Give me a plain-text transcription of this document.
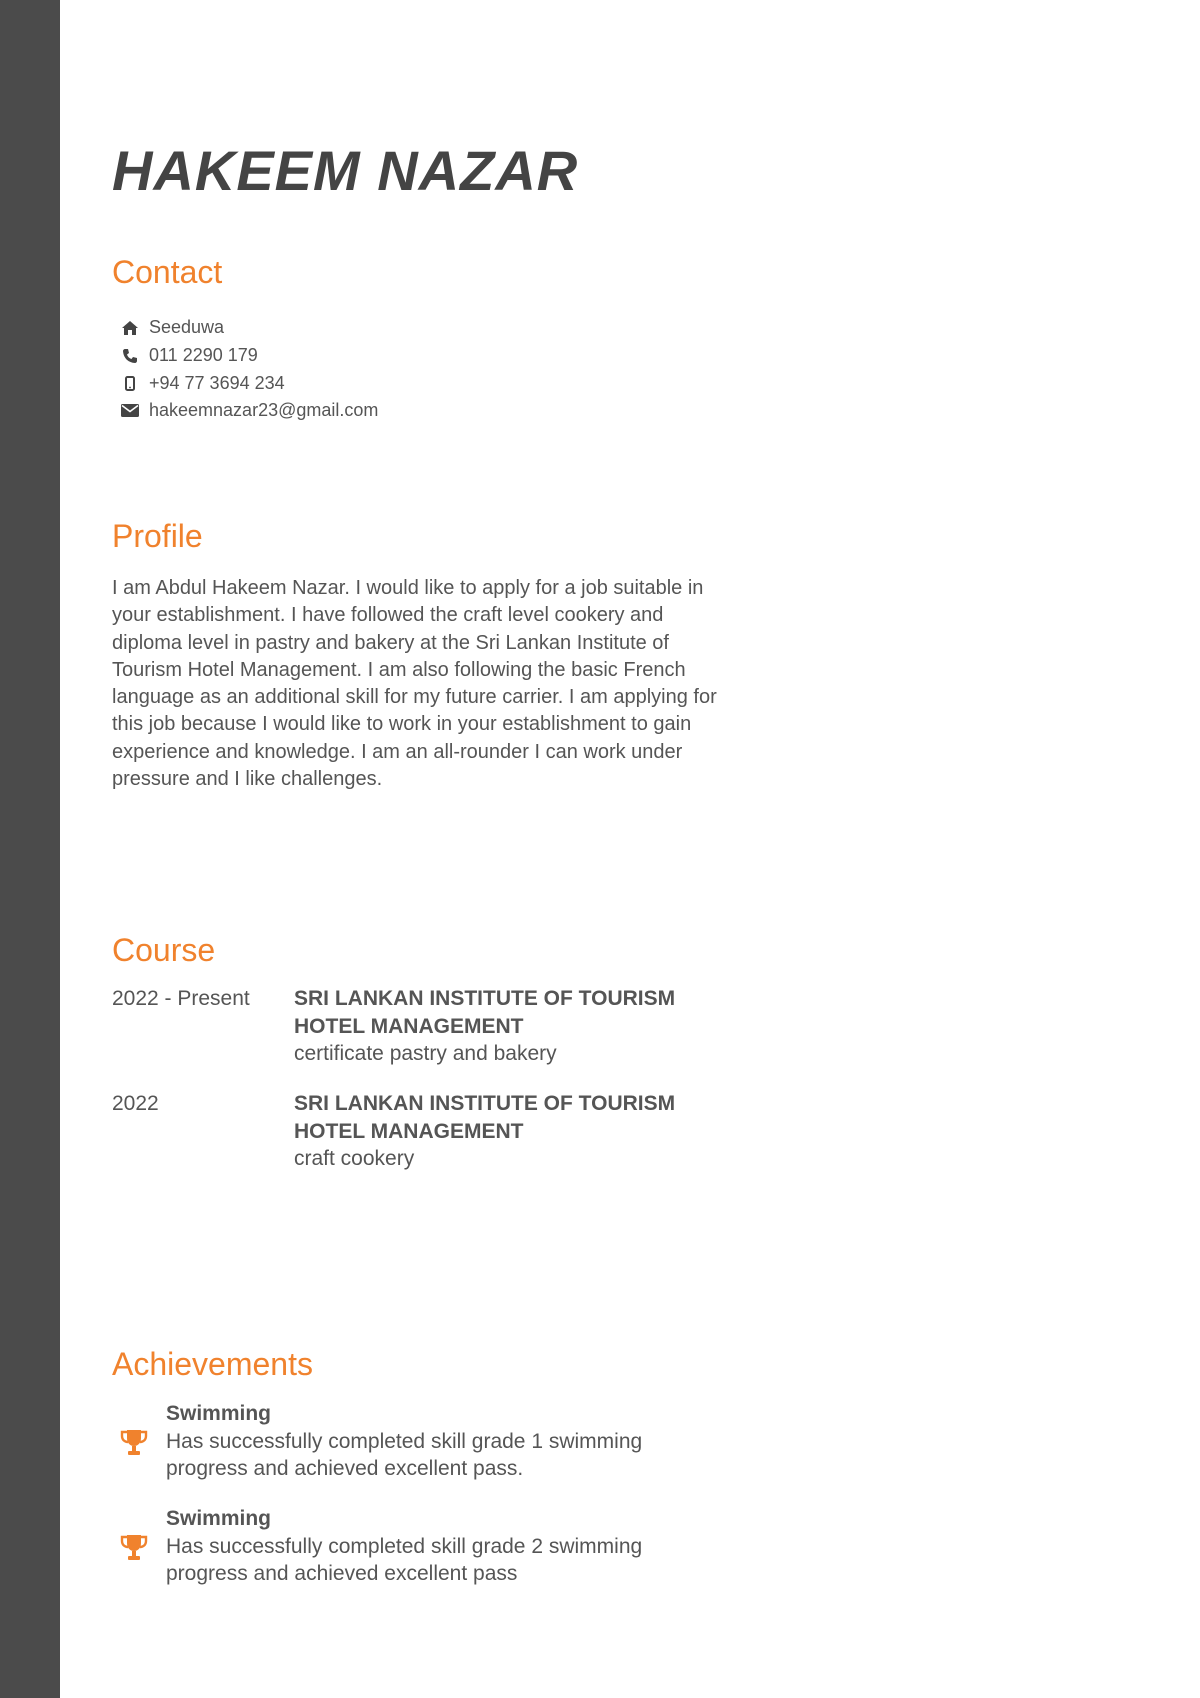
HAKEEM NAZAR
Contact
Seeduwa
011 2290 179
+94 77 3694 234
hakeemnazar23@gmail.com
Profile

I am Abdul Hakeem Nazar. I would like to apply for a job suitable in your establishment. I have followed the craft level cookery and diploma level in pastry and bakery at the Sri Lankan Institute of Tourism Hotel Management. I am also following the basic French language as an additional skill for my future carrier. I am applying for this job because I would like to work in your establishment to gain experience and knowledge. I am an all-rounder I can work under pressure and I like challenges.

Course
2022 - Present SRI LANKAN INSTITUTE OF TOURISM HOTEL MANAGEMENT
certificate pastry and bakery
2022	SRI LANKAN INSTITUTE OF TOURISM HOTEL MANAGEMENT
craft cookery
Achievements
Swimming
Has successfully completed skill grade 1 swimming progress and achieved excellent pass.
Swimming
Has successfully completed skill grade 2 swimming progress and achieved excellent pass
